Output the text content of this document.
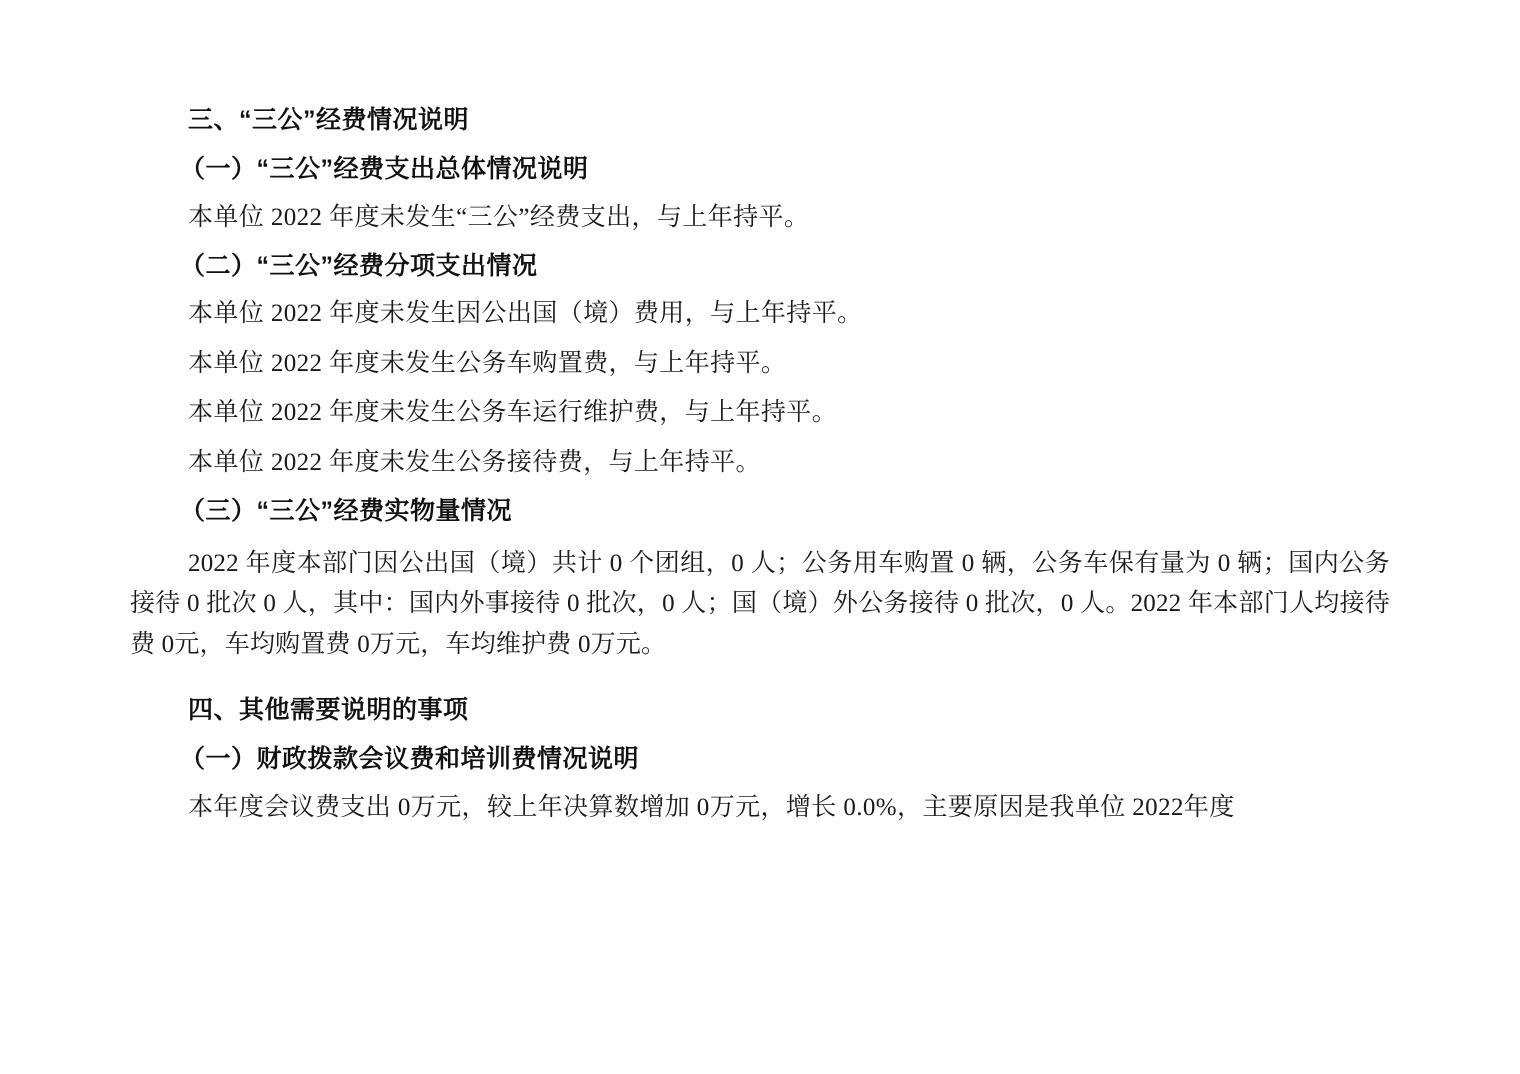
三、“三公”经费情况说明
（一）“三公”经费支出总体情况说明

本单位 2022 年度未发生“三公”经费支出，与上年持平。

（二）“三公”经费分项支出情况

本单位 2022 年度未发生因公出国（境）费用，与上年持平。

本单位 2022 年度未发生公务车购置费，与上年持平。

本单位 2022 年度未发生公务车运行维护费，与上年持平。

本单位 2022 年度未发生公务接待费，与上年持平。

（三）“三公”经费实物量情况

2022 年度本部门因公出国（境）共计 0 个团组，0 人；公务用车购置 0 辆，公务车保有量为 0 辆；国内公务接待 0 批次 0 人，其中：国内外事接待 0 批次，0 人；国（境）外公务接待 0 批次，0 人。2022 年本部门人均接待费 0元，车均购置费 0万元，车均维护费 0万元。

四、其他需要说明的事项
（一）财政拨款会议费和培训费情况说明

本年度会议费支出 0万元，较上年决算数增加 0万元，增长 0.0%，主要原因是我单位 2022年度
